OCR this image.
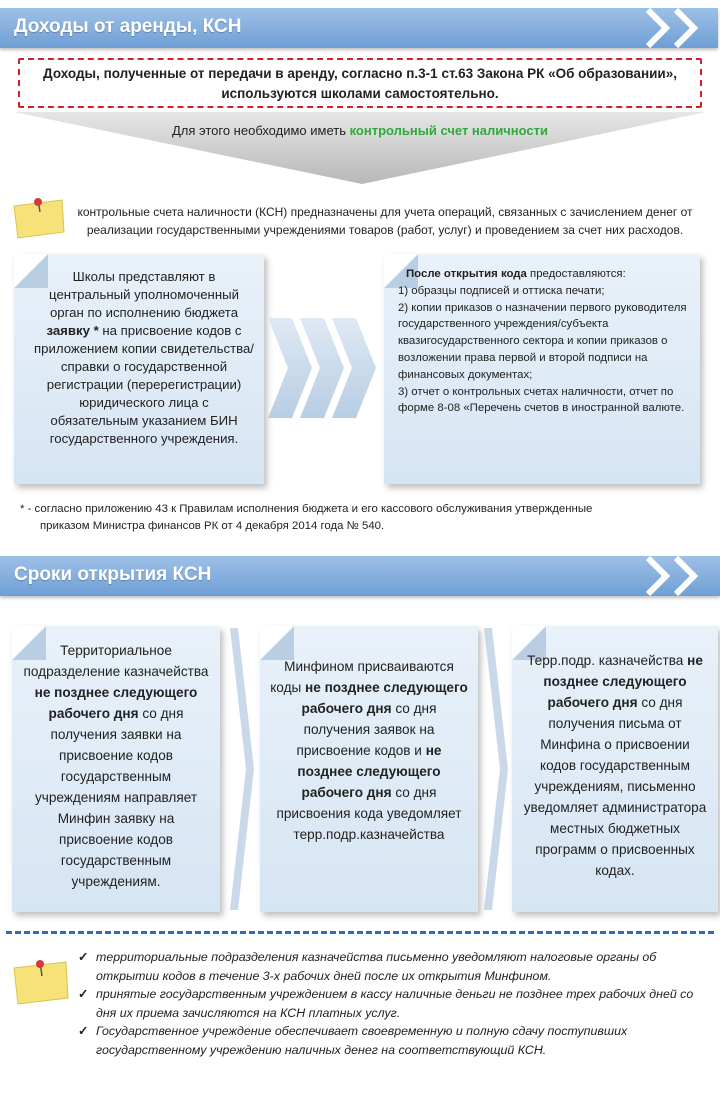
Доходы от аренды, КСН
Доходы, полученные от передачи в аренду, согласно п.3-1 ст.63 Закона РК «Об образовании»,
используются школами самостоятельно.
Для этого необходимо иметь контрольный счет наличности
контрольные счета наличности (КСН) предназначены для учета операций, связанных с зачислением денег от
реализации государственными учреждениями товаров (работ, услуг) и проведением за счет них расходов.
Школы представляют в центральный уполномоченный орган по исполнению бюджета заявку * на присвоение кодов с приложением копии свидетельства/справки о государственной регистрации (перерегистрации) юридического лица с обязательным указанием БИН государственного учреждения.
После открытия кода предоставляются:
1) образцы подписей и оттиска печати;
2) копии приказов о назначении первого руководителя государственного учреждения/субъекта квазигосударственного сектора и копии приказов о возложении права первой и второй подписи на финансовых документах;
3) отчет о контрольных счетах наличности, отчет по форме 8-08 «Перечень счетов в иностранной валюте.
* - согласно приложению 43 к Правилам исполнения бюджета и его кассового обслуживания утвержденные
приказом Министра финансов РК от 4 декабря 2014 года № 540.
Сроки открытия КСН
Территориальное подразделение казначейства не позднее следующего рабочего дня со дня получения заявки на присвоение кодов государственным учреждениям направляет Минфин заявку на присвоение кодов государственным учреждениям.
Минфином присваиваются коды не позднее следующего рабочего дня со дня получения заявок на присвоение кодов и не позднее следующего рабочего дня со дня присвоения кода уведомляет терр.подр.казначейства
Терр.подр. казначейства не позднее следующего рабочего дня со дня получения письма от Минфина о присвоении кодов государственным учреждениям, письменно уведомляет администратора местных бюджетных программ о присвоенных кодах.
✓ территориальные подразделения казначейства письменно уведомляют налоговые органы об открытии кодов в течение 3-х рабочих дней после их открытия Минфином.
✓ принятые государственным учреждением в кассу наличные деньги не позднее трех рабочих дней со дня их приема зачисляются на КСН платных услуг.
✓ Государственное учреждение обеспечивает своевременную и полную сдачу поступивших государственному учреждению наличных денег на соответствующий КСН.
